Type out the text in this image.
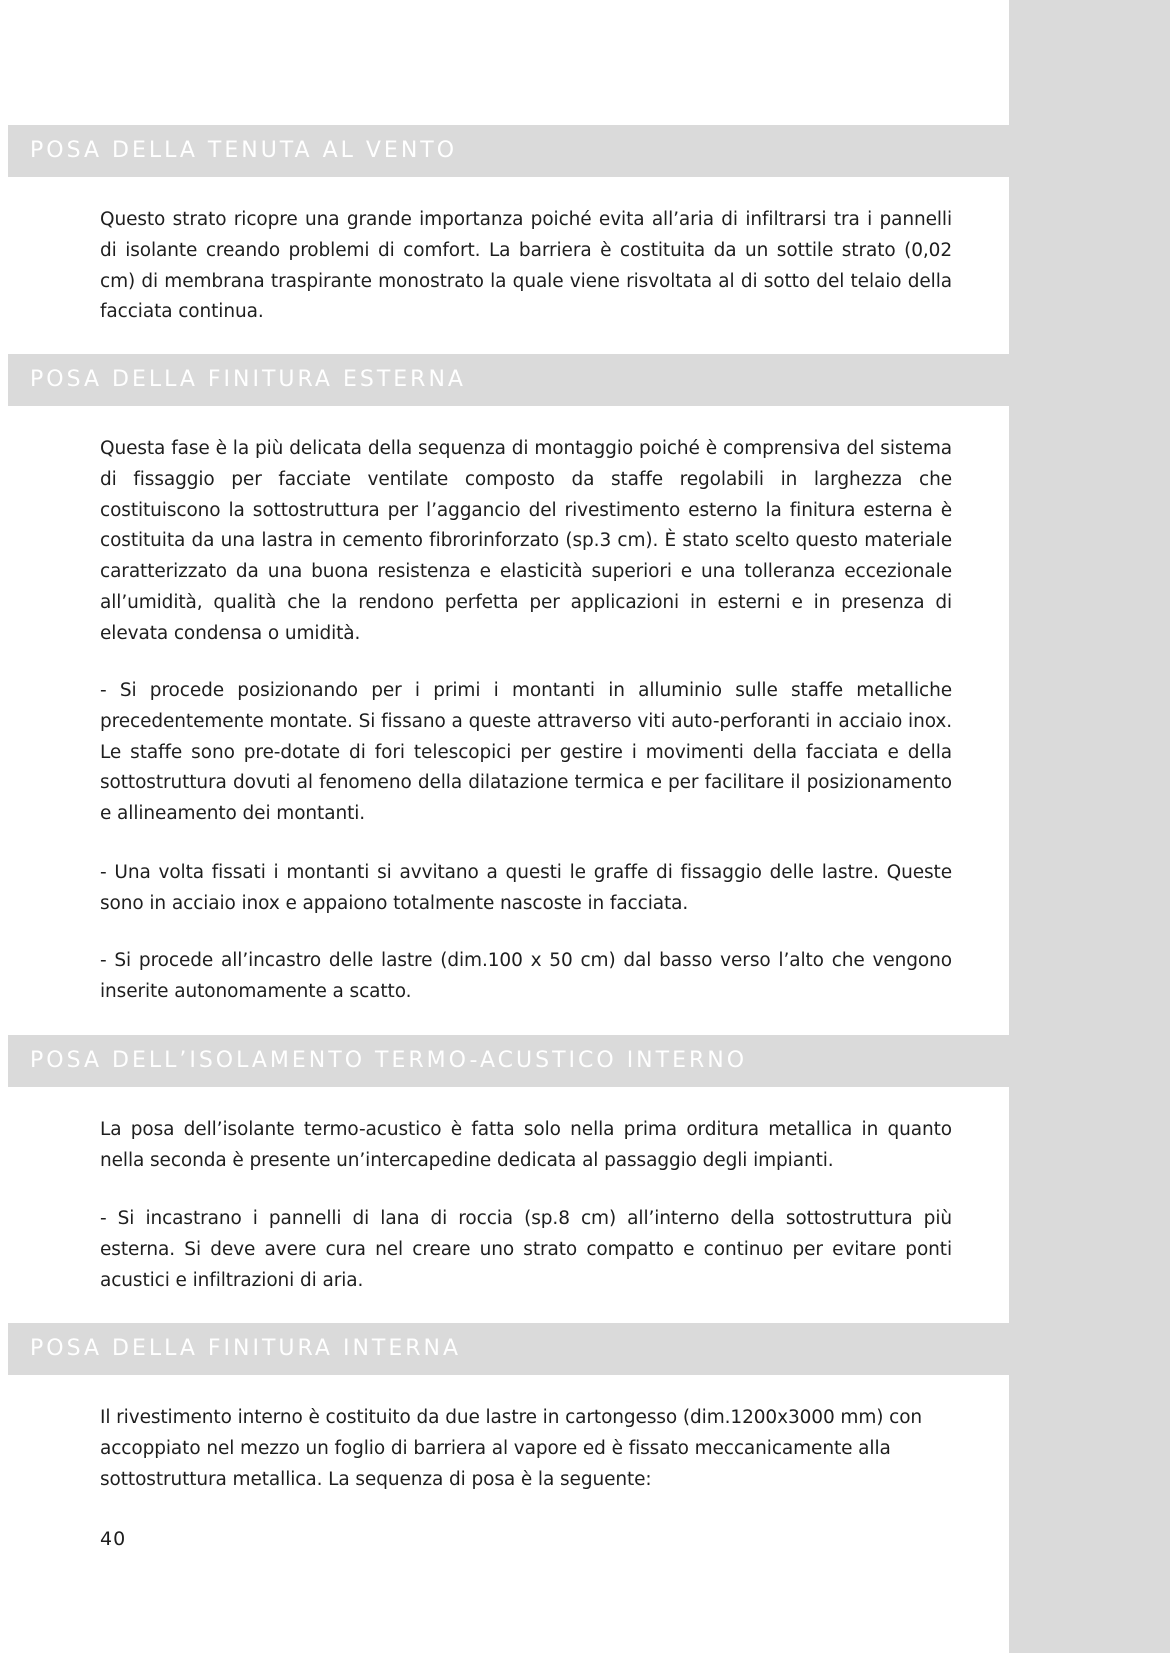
POSA DELLA TENUTA AL VENTO

Questo strato ricopre una grande importanza poiché evita all’aria di infiltrarsi tra i pannelli di isolante creando problemi di comfort. La barriera è costituita da un sottile strato (0,02 cm) di membrana traspirante monostrato la quale viene risvoltata al di sotto del telaio della facciata continua.

POSA DELLA FINITURA ESTERNA

Questa fase è la più delicata della sequenza di montaggio poiché è comprensiva del sistema di fissaggio per facciate ventilate composto da staffe regolabili in larghezza che costituiscono la sottostruttura per l’aggancio del rivestimento esterno la finitura esterna è costituita da una lastra in cemento fibrorinforzato (sp.3 cm). È stato scelto questo materiale caratterizzato da una buona resistenza e elasticità superiori e una tolleranza eccezionale all’umidità, qualità che la rendono perfetta per applicazioni in esterni e in presenza di elevata condensa o umidità.

- Si procede posizionando per i primi i montanti in alluminio sulle staffe metalliche precedentemente montate. Si fissano a queste attraverso viti auto-perforanti in acciaio inox. Le staffe sono pre-dotate di fori telescopici per gestire i movimenti della facciata e della sottostruttura dovuti al fenomeno della dilatazione termica e per facilitare il posizionamento e allineamento dei montanti.

- Una volta fissati i montanti si avvitano a questi le graffe di fissaggio delle lastre. Queste sono in acciaio inox e appaiono totalmente nascoste in facciata.

- Si procede all’incastro delle lastre (dim.100 x 50 cm) dal basso verso l’alto che vengono inserite autonomamente a scatto.

POSA DELL’ISOLAMENTO TERMO-ACUSTICO INTERNO

La posa dell’isolante termo-acustico è fatta solo nella prima orditura metallica in quanto nella seconda è presente un’intercapedine dedicata al passaggio degli impianti.

- Si incastrano i pannelli di lana di roccia (sp.8 cm) all’interno della sottostruttura più esterna. Si deve avere cura nel creare uno strato compatto e continuo per evitare ponti acustici e infiltrazioni di aria.

POSA DELLA FINITURA INTERNA

Il rivestimento interno è costituito da due lastre in cartongesso (dim.1200x3000 mm) con accoppiato nel mezzo un foglio di barriera al vapore ed è fissato meccanicamente alla sottostruttura metallica. La sequenza di posa è la seguente:

40
